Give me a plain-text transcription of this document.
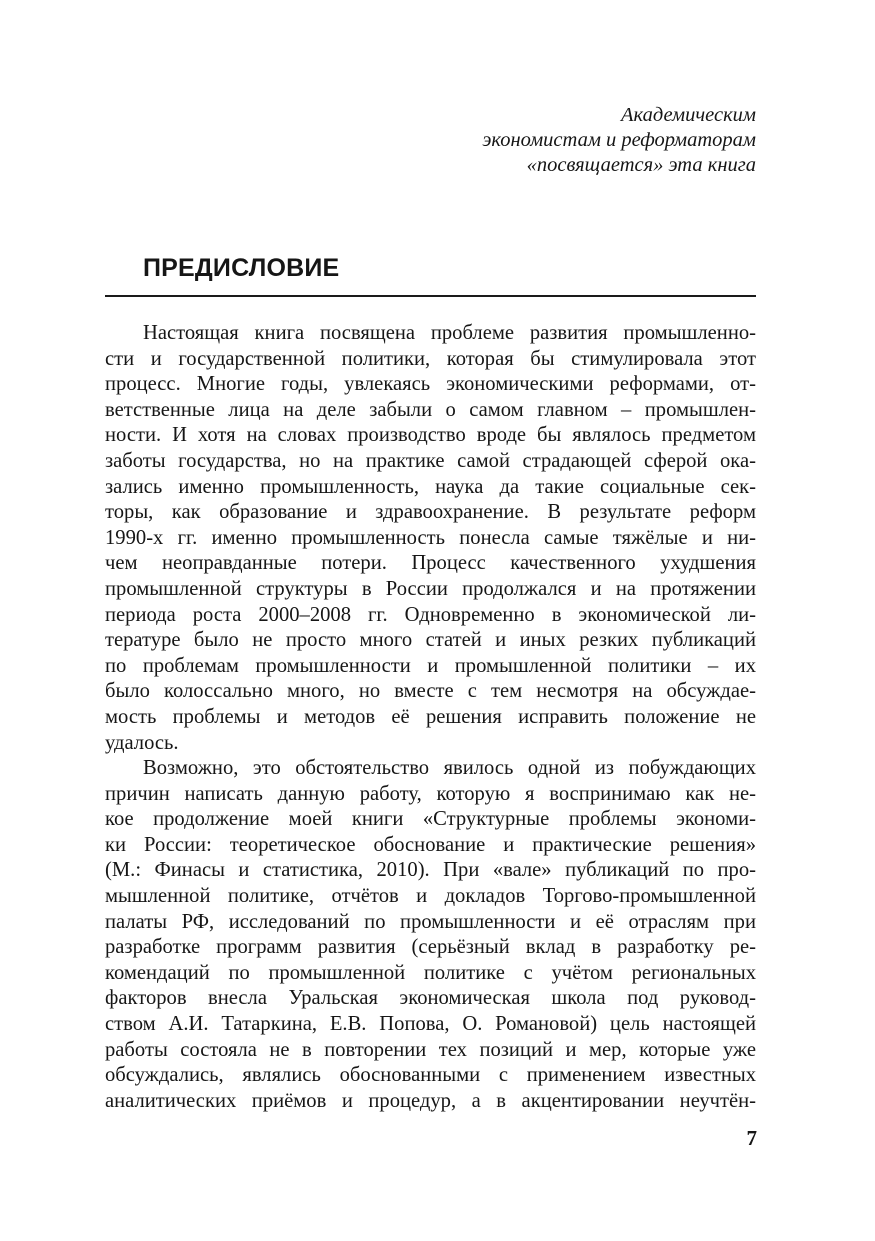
Академическим
экономистам и реформаторам
«посвящается» эта книга
ПРЕДИСЛОВИЕ

Настоящая книга посвящена проблеме развития промышленно-
сти и государственной политики, которая бы стимулировала этот
процесс. Многие годы, увлекаясь экономическими реформами, от-
ветственные лица на деле забыли о самом главном – промышлен-
ности. И хотя на словах производство вроде бы являлось предметом
заботы государства, но на практике самой страдающей сферой ока-
зались именно промышленность, наука да такие социальные сек-
торы, как образование и здравоохранение. В результате реформ
1990-х гг. именно промышленность понесла самые тяжёлые и ни-
чем неоправданные потери. Процесс качественного ухудшения
промышленной структуры в России продолжался и на протяжении
периода роста 2000–2008 гг. Одновременно в экономической ли-
тературе было не просто много статей и иных резких публикаций
по проблемам промышленности и промышленной политики – их
было колоссально много, но вместе с тем несмотря на обсуждае-
мость проблемы и методов её решения исправить положение не
удалось.

Возможно, это обстоятельство явилось одной из побуждающих
причин написать данную работу, которую я воспринимаю как не-
кое продолжение моей книги «Структурные проблемы экономи-
ки России: теоретическое обоснование и практические решения»
(М.: Финасы и статистика, 2010). При «вале» публикаций по про-
мышленной политике, отчётов и докладов Торгово-промышленной
палаты РФ, исследований по промышленности и её отраслям при
разработке программ развития (серьёзный вклад в разработку ре-
комендаций по промышленной политике с учётом региональных
факторов внесла Уральская экономическая школа под руковод-
ством А.И. Татаркина, Е.В. Попова, О. Романовой) цель настоящей
работы состояла не в повторении тех позиций и мер, которые уже
обсуждались, являлись обоснованными с применением известных
аналитических приёмов и процедур, а в акцентировании неучтён-

7
